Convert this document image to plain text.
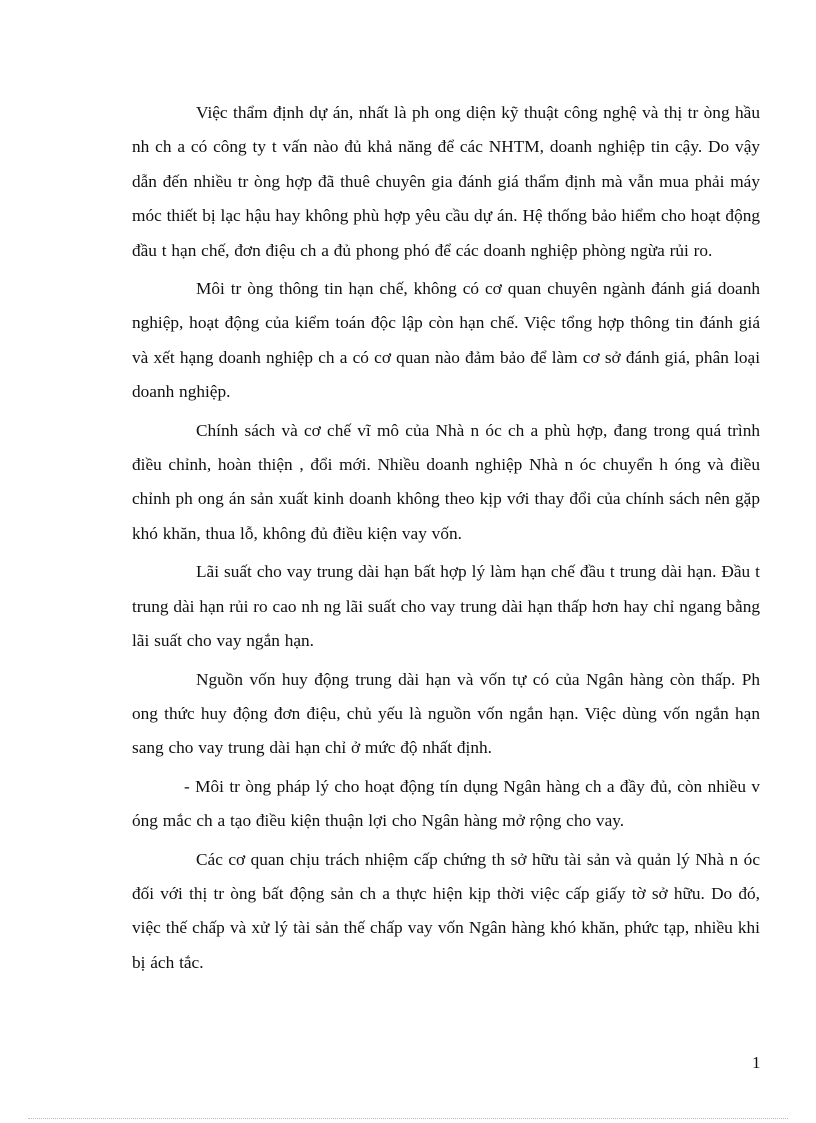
Việc thẩm định dự án, nhất là ph ong diện kỹ thuật công nghệ và thị tr òng hầu nh ch a có công ty t vấn nào đủ khả năng để các NHTM, doanh nghiệp tin cậy. Do vậy dẫn đến nhiều tr òng hợp đã thuê chuyên gia đánh giá thẩm định mà vẫn mua phải máy móc thiết bị lạc hậu hay không phù hợp yêu cầu dự án. Hệ thống bảo hiểm cho hoạt động đầu t hạn chế, đơn điệu ch a đủ phong phó để các doanh nghiệp phòng ngừa rủi ro.

Môi tr òng thông tin hạn chế, không có cơ quan chuyên ngành đánh giá doanh nghiệp, hoạt động của kiểm toán độc lập còn hạn chế. Việc tổng hợp thông tin đánh giá và xết hạng doanh nghiệp ch a có cơ quan nào đảm bảo để làm cơ sở đánh giá, phân loại doanh nghiệp.

Chính sách và cơ chế vĩ mô của Nhà n óc ch a phù hợp, đang trong quá trình điều chỉnh, hoàn thiện , đổi mới. Nhiều doanh nghiệp Nhà n óc chuyển h óng và điều chỉnh ph ong án sản xuất kinh doanh không theo kịp với thay đổi của chính sách nên gặp khó khăn, thua lỗ, không đủ điều kiện vay vốn.

Lãi suất cho vay trung dài hạn bất hợp lý làm hạn chế đầu t trung dài hạn. Đầu t trung dài hạn rủi ro cao nh ng lãi suất cho vay trung dài hạn thấp hơn hay chỉ ngang bằng lãi suất cho vay ngắn hạn.

Nguồn vốn huy động trung dài hạn và vốn tự có của Ngân hàng còn thấp. Ph ong thức huy động đơn điệu, chủ yếu là nguồn vốn ngắn hạn. Việc dùng vốn ngắn hạn sang cho vay trung dài hạn chỉ ở mức độ nhất định.

- Môi tr òng pháp lý cho hoạt động tín dụng Ngân hàng ch a đầy đủ, còn nhiều v óng mắc ch a tạo điều kiện thuận lợi cho Ngân hàng mở rộng cho vay.

Các cơ quan chịu trách nhiệm cấp chứng th sở hữu tài sản và quản lý Nhà n óc đối với thị tr òng bất động sản ch a thực hiện kịp thời việc cấp giấy tờ sở hữu. Do đó, việc thế chấp và xử lý tài sản thế chấp vay vốn Ngân hàng khó khăn, phức tạp, nhiều khi bị ách tắc.

1
